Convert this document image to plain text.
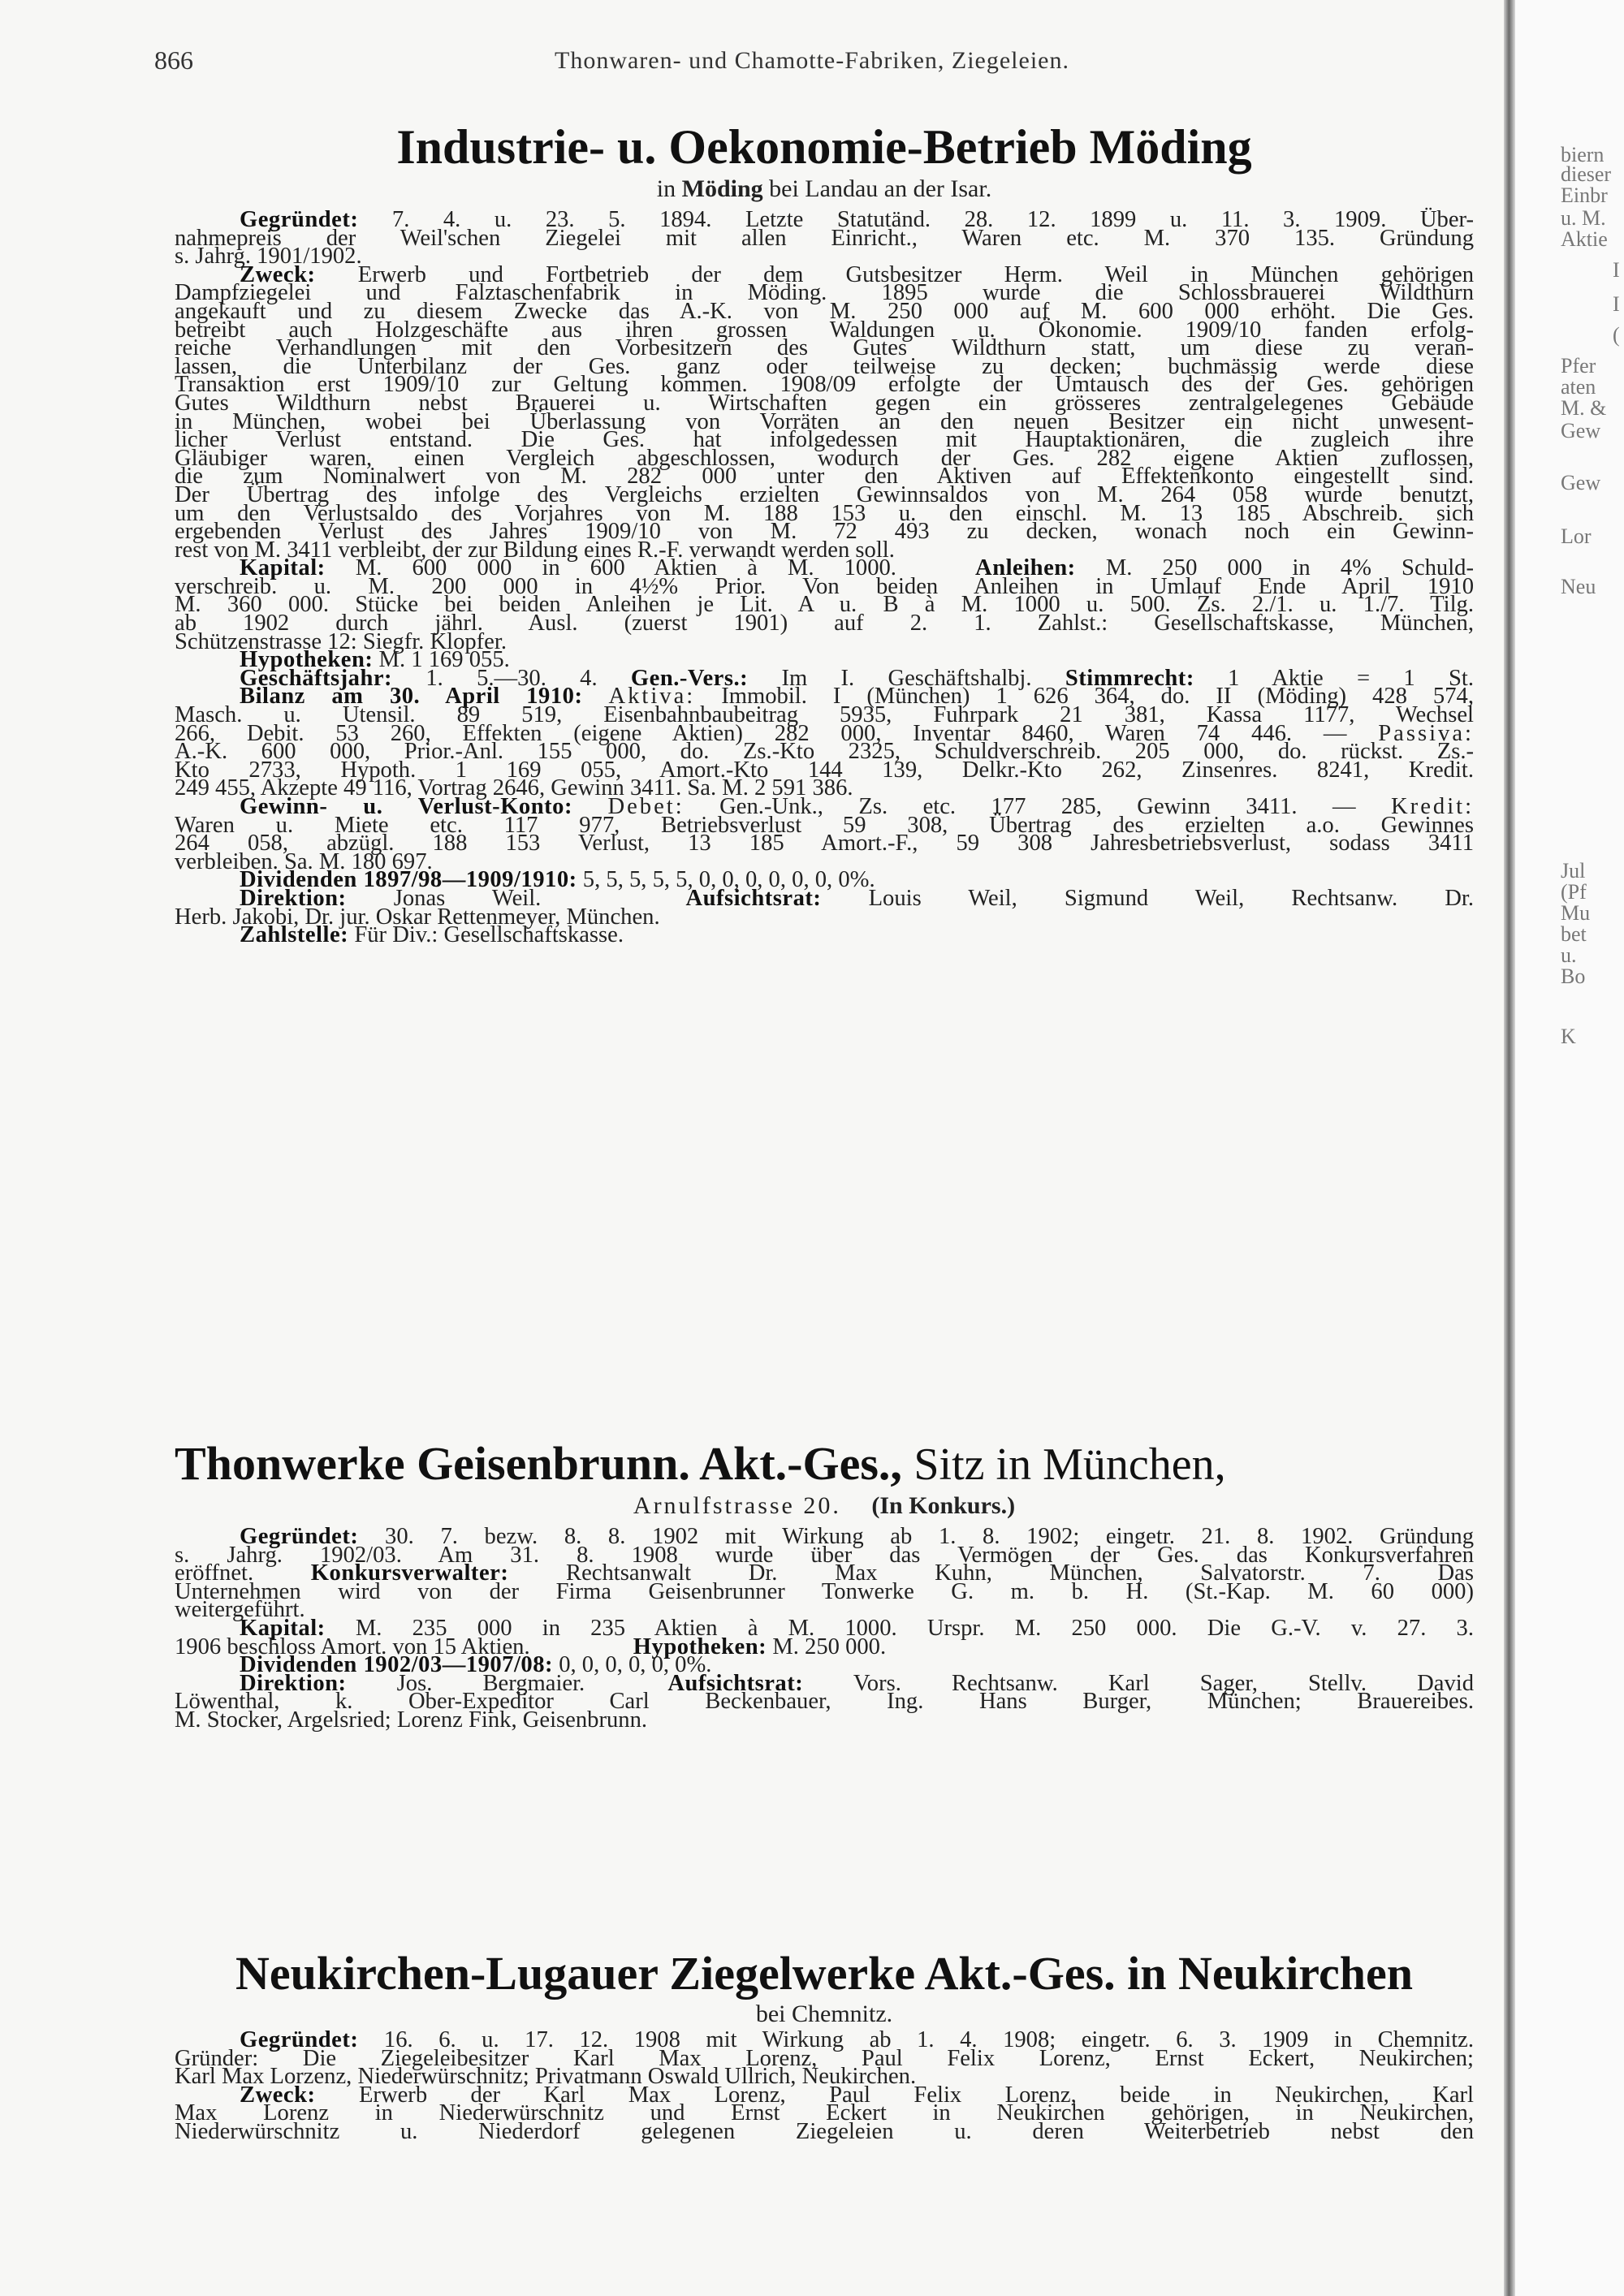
866	Thonwaren- und Chamotte-Fabriken, Ziegeleien.
Industrie- u. Oekonomie-Betrieb Möding
in Möding bei Landau an der Isar.

Gegründet: 7. 4. u. 23. 5. 1894. Letzte Statutänd. 28. 12. 1899 u. 11. 3. 1909. Über-

nahmepreis der Weil'schen Ziegelei mit allen Einricht., Waren etc. M. 370 135. Gründung

s. Jahrg. 1901/1902.

Zweck: Erwerb und Fortbetrieb der dem Gutsbesitzer Herm. Weil in München gehörigen

Dampfziegelei und Falztaschenfabrik in Möding. 1895 wurde die Schlossbrauerei Wildthurn

angekauft und zu diesem Zwecke das A.-K. von M. 250 000 auf M. 600 000 erhöht. Die Ges.

betreibt auch Holzgeschäfte aus ihren grossen Waldungen u. Ökonomie. 1909/10 fanden erfolg-

reiche Verhandlungen mit den Vorbesitzern des Gutes Wildthurn statt, um diese zu veran-

lassen, die Unterbilanz der Ges. ganz oder teilweise zu decken; buchmässig werde diese

Transaktion erst 1909/10 zur Geltung kommen. 1908/09 erfolgte der Umtausch des der Ges. gehörigen

Gutes Wildthurn nebst Brauerei u. Wirtschaften gegen ein grösseres zentralgelegenes Gebäude

in München, wobei bei Überlassung von Vorräten an den neuen Besitzer ein nicht unwesent-

licher Verlust entstand. Die Ges. hat infolgedessen mit Hauptaktionären, die zugleich ihre

Gläubiger waren, einen Vergleich abgeschlossen, wodurch der Ges. 282 eigene Aktien zuflossen,

die zum Nominalwert von M. 282 000 unter den Aktiven auf Effektenkonto eingestellt sind.

Der Übertrag des infolge des Vergleichs erzielten Gewinnsaldos von M. 264 058 wurde benutzt,

um den Verlustsaldo des Vorjahres von M. 188 153 u. den einschl. M. 13 185 Abschreib. sich

ergebenden Verlust des Jahres 1909/10 von M. 72 493 zu decken, wonach noch ein Gewinn-

rest von M. 3411 verbleibt, der zur Bildung eines R.-F. verwandt werden soll.

Kapital: M. 600 000 in 600 Aktien à M. 1000.	Anleihen: M. 250 000 in 4% Schuld-

verschreib. u. M. 200 000 in 4½% Prior. Von beiden Anleihen in Umlauf Ende April 1910

M. 360 000. Stücke bei beiden Anleihen je Lit. A u. B à M. 1000 u. 500. Zs. 2./1. u. 1./7. Tilg.

ab 1902 durch jährl. Ausl. (zuerst 1901) auf 2. 1. Zahlst.: Gesellschaftskasse, München,

Schützenstrasse 12: Siegfr. Klopfer.

Hypotheken: M. 1 169 055.

Geschäftsjahr: 1. 5.—30. 4. Gen.-Vers.: Im I. Geschäftshalbj. Stimmrecht: 1 Aktie = 1 St.

Bilanz am 30. April 1910: Aktiva: Immobil. I (München) 1 626 364, do. II (Möding) 428 574,

Masch. u. Utensil. 89 519, Eisenbahnbaubeitrag 5935, Fuhrpark 21 381, Kassa 1177, Wechsel

266, Debit. 53 260, Effekten (eigene Aktien) 282 000, Inventar 8460, Waren 74 446. — Passiva:

A.-K. 600 000, Prior.-Anl. 155 000, do. Zs.-Kto 2325, Schuldverschreib. 205 000, do. rückst. Zs.-

Kto 2733, Hypoth. 1 169 055, Amort.-Kto 144 139, Delkr.-Kto 262, Zinsenres. 8241, Kredit.

249 455, Akzepte 49 116, Vortrag 2646, Gewinn 3411. Sa. M. 2 591 386.

Gewinn- u. Verlust-Konto: Debet: Gen.-Unk., Zs. etc. 177 285, Gewinn 3411. — Kredit:

Waren u. Miete etc. 117 977, Betriebsverlust 59 308, Übertrag des erzielten a.o. Gewinnes

264 058, abzügl. 188 153 Verlust, 13 185 Amort.-F., 59 308 Jahresbetriebsverlust, sodass 3411

verbleiben. Sa. M. 180 697.

Dividenden 1897/98—1909/1910: 5, 5, 5, 5, 5, 0, 0, 0, 0, 0, 0, 0%.

Direktion: Jonas Weil.	Aufsichtsrat: Louis Weil, Sigmund Weil, Rechtsanw. Dr.

Herb. Jakobi, Dr. jur. Oskar Rettenmeyer, München.

Zahlstelle: Für Div.: Gesellschaftskasse.

Thonwerke Geisenbrunn. Akt.-Ges., Sitz in München,
Arnulfstrasse 20. (In Konkurs.)

Gegründet: 30. 7. bezw. 8. 8. 1902 mit Wirkung ab 1. 8. 1902; eingetr. 21. 8. 1902. Gründung

s. Jahrg. 1902/03. Am 31. 8. 1908 wurde über das Vermögen der Ges. das Konkursverfahren

eröffnet. Konkursverwalter: Rechtsanwalt Dr. Max Kuhn, München, Salvatorstr. 7. Das

Unternehmen wird von der Firma Geisenbrunner Tonwerke G. m. b. H. (St.-Kap. M. 60 000)

weitergeführt.

Kapital: M. 235 000 in 235 Aktien à M. 1000. Urspr. M. 250 000. Die G.-V. v. 27. 3.

1906 beschloss Amort. von 15 Aktien.	Hypotheken: M. 250 000.

Dividenden 1902/03—1907/08: 0, 0, 0, 0, 0, 0%.

Direktion: Jos. Bergmaier.	Aufsichtsrat: Vors. Rechtsanw. Karl Sager, Stellv. David

Löwenthal, k. Ober-Expeditor Carl Beckenbauer, Ing. Hans Burger, München; Brauereibes.

M. Stocker, Argelsried; Lorenz Fink, Geisenbrunn.

Neukirchen-Lugauer Ziegelwerke Akt.-Ges. in Neukirchen
bei Chemnitz.

Gegründet: 16. 6. u. 17. 12. 1908 mit Wirkung ab 1. 4. 1908; eingetr. 6. 3. 1909 in Chemnitz.

Gründer: Die Ziegeleibesitzer Karl Max Lorenz, Paul Felix Lorenz, Ernst Eckert, Neukirchen;

Karl Max Lorzenz, Niederwürschnitz; Privatmann Oswald Ullrich, Neukirchen.

Zweck: Erwerb der Karl Max Lorenz, Paul Felix Lorenz, beide in Neukirchen, Karl

Max Lorenz in Niederwürschnitz und Ernst Eckert in Neukirchen gehörigen, in Neukirchen,

Niederwürschnitz u. Niederdorf gelegenen Ziegeleien u. deren Weiterbetrieb nebst den

biern
dieser
Einbr
u. M.
Aktie
I
I
(
Pfer
aten
M. &
Gew
Gew
Lor
Neu
Jul
(Pf
Mu
bet
u.
Bo
K
